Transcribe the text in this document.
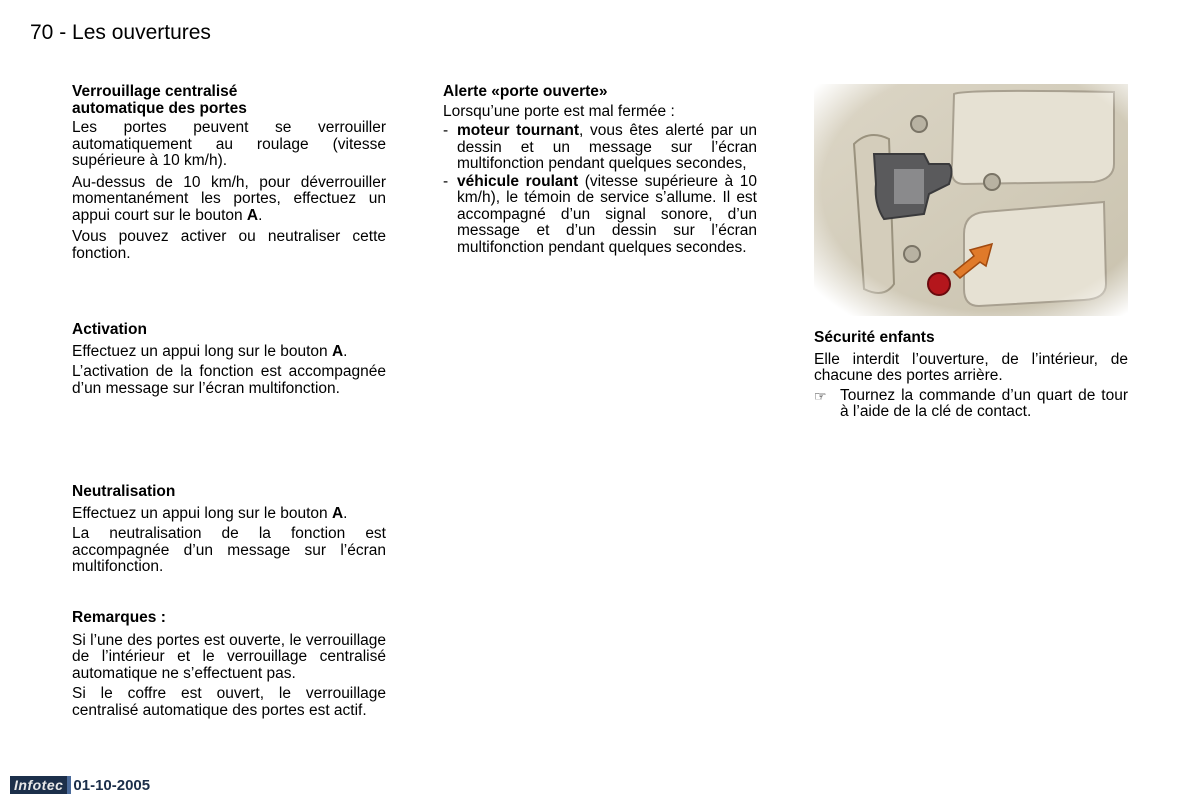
70 - Les ouvertures
Verrouillage centralisé
automatique des portes

Les portes peuvent se verrouiller automatiquement au roulage (vitesse supérieure à 10 km/h).

Au-dessus de 10 km/h, pour déverrouiller momentanément les portes, effectuez un appui court sur le bouton A.

Vous pouvez activer ou neutraliser cette fonction.

Activation

Effectuez un appui long sur le bouton A.

L’activation de la fonction est accompagnée d’un message sur l’écran multifonction.

Neutralisation

Effectuez un appui long sur le bouton A.

La neutralisation de la fonction est accompagnée d’un message sur l’écran multifonction.

Remarques :

Si l’une des portes est ouverte, le verrouillage de l’intérieur et le verrouillage centralisé automatique ne s’effectuent pas.

Si le coffre est ouvert, le verrouillage centralisé automatique des portes est actif.

Alerte «porte ouverte»

Lorsqu’une porte est mal fermée :

- moteur tournant, vous êtes alerté par un dessin et un message sur l’écran multifonction pendant quelques secondes,
- véhicule roulant (vitesse supérieure à 10 km/h), le témoin de service s’allume. Il est accompagné d’un signal sonore, d’un message et d’un dessin sur l’écran multifonction pendant quelques secondes.
Sécurité enfants

Elle interdit l’ouverture, de l’intérieur, de chacune des portes arrière.

☞ Tournez la commande d’un quart de tour à l’aide de la clé de contact.
Infotec 01-10-2005
